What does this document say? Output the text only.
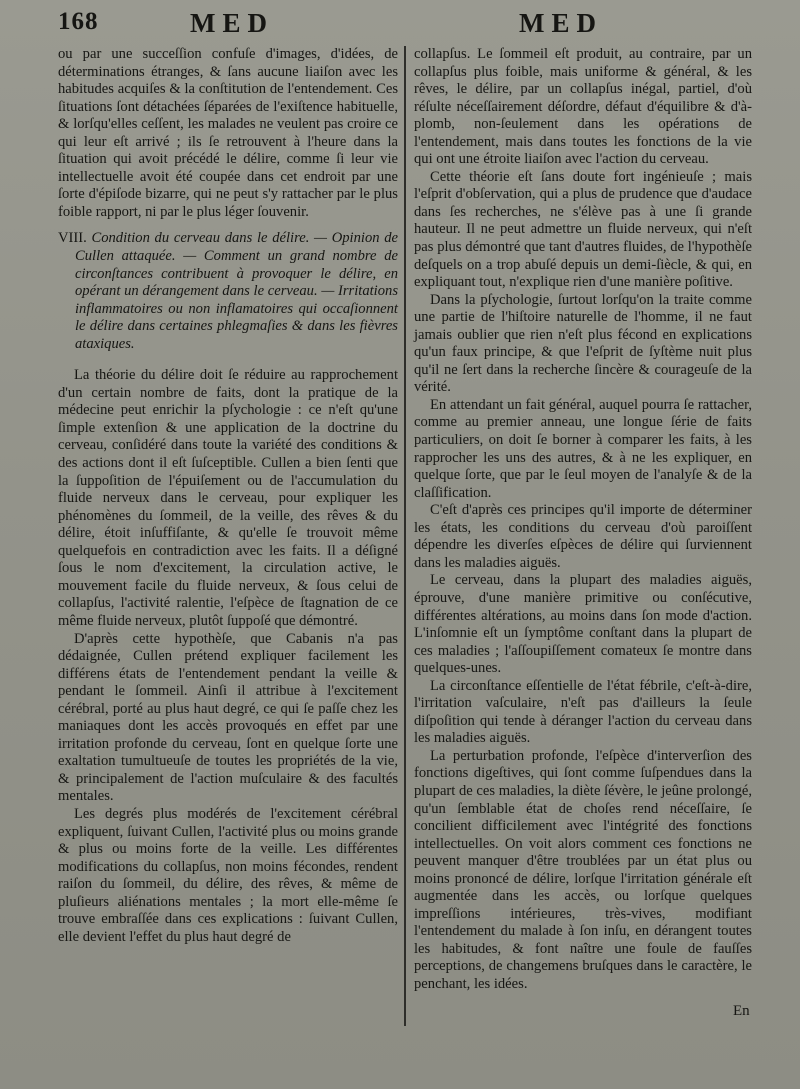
168	MED	MED

ou par une succeſſion confuſe d'images, d'idées, de déterminations étranges, & ſans aucune liaiſon avec les habitudes acquiſes & la conſtitution de l'entendement. Ces ſituations ſont détachées ſéparées de l'exiſtence habituelle, & lorſqu'elles ceſſent, les malades ne veulent pas croire ce qui leur eſt arrivé ; ils ſe retrouvent à l'heure dans la ſituation qui avoit précédé le délire, comme ſi leur vie intellectuelle avoit été coupée dans cet endroit par une ſorte d'épiſode bizarre, qui ne peut s'y rattacher par le plus foible rapport, ni par le plus léger ſouvenir.

VIII. Condition du cerveau dans le délire. — Opinion de Cullen attaquée. — Comment un grand nombre de circonſtances contribuent à provoquer le délire, en opérant un dérangement dans le cerveau. — Irritations inflammatoires ou non inflamatoires qui occaſionnent le délire dans certaines phlegmaſies & dans les fièvres ataxiques.

La théorie du délire doit ſe réduire au rapprochement d'un certain nombre de faits, dont la pratique de la médecine peut enrichir la pſychologie : ce n'eſt qu'une ſimple extenſion & une application de la doctrine du cerveau, conſidéré dans toute la variété des conditions & des actions dont il eſt ſuſceptible. Cullen a bien ſenti que la ſuppoſition de l'épuiſement ou de l'accumulation du fluide nerveux dans le cerveau, pour expliquer les phénomènes du ſommeil, de la veille, des rêves & du délire, étoit inſuffiſante, & qu'elle ſe trouvoit même quelquefois en contradiction avec les faits. Il a déſigné ſous le nom d'excitement, la circulation active, le mouvement facile du fluide nerveux, & ſous celui de collapſus, l'activité ralentie, l'eſpèce de ſtagnation de ce même fluide nerveux, plutôt ſuppoſé que démontré.

D'après cette hypothèſe, que Cabanis n'a pas dédaignée, Cullen prétend expliquer facilement les différens états de l'entendement pendant la veille & pendant le ſommeil. Ainſi il attribue à l'excitement cérébral, porté au plus haut degré, ce qui ſe paſſe chez les maniaques dont les accès provoqués en effet par une irritation profonde du cerveau, ſont en quelque ſorte une exaltation tumultueuſe de toutes les propriétés de la vie, & principalement de l'action muſculaire & des facultés mentales.

Les degrés plus modérés de l'excitement cérébral expliquent, ſuivant Cullen, l'activité plus ou moins grande & plus ou moins forte de la veille. Les différentes modifications du collapſus, non moins fécondes, rendent raiſon du ſommeil, du délire, des rêves, & même de pluſieurs aliénations mentales ; la mort elle-même ſe trouve embraſſée dans ces explications : ſuivant Cullen, elle devient l'effet du plus haut degré de

collapſus. Le ſommeil eſt produit, au contraire, par un collapſus plus foible, mais uniforme & général, & les rêves, le délire, par un collapſus inégal, partiel, d'où réſulte néceſſairement déſordre, défaut d'équilibre & d'à-plomb, non-ſeulement dans les opérations de l'entendement, mais dans toutes les fonctions de la vie qui ont une étroite liaiſon avec l'action du cerveau.

Cette théorie eſt ſans doute fort ingénieuſe ; mais l'eſprit d'obſervation, qui a plus de prudence que d'audace dans ſes recherches, ne s'élève pas à une ſi grande hauteur. Il ne peut admettre un fluide nerveux, qui n'eſt pas plus démontré que tant d'autres fluides, de l'hypothèſe deſquels on a trop abuſé depuis un demi-ſiècle, & qui, en expliquant tout, n'explique rien d'une manière poſitive.

Dans la pſychologie, ſurtout lorſqu'on la traite comme une partie de l'hiſtoire naturelle de l'homme, il ne faut jamais oublier que rien n'eſt plus fécond en explications qu'un faux principe, & que l'eſprit de ſyſtème nuit plus qu'il ne ſert dans la recherche ſincère & courageuſe de la vérité.

En attendant un fait général, auquel pourra ſe rattacher, comme au premier anneau, une longue ſérie de faits particuliers, on doit ſe borner à comparer les faits, à les rapprocher les uns des autres, & à ne les expliquer, en quelque ſorte, que par le ſeul moyen de l'analyſe & de la claſſification.

C'eſt d'après ces principes qu'il importe de déterminer les états, les conditions du cerveau d'où paroiſſent dépendre les diverſes eſpèces de délire qui ſurviennent dans les maladies aiguës.

Le cerveau, dans la plupart des maladies aiguës, éprouve, d'une manière primitive ou conſécutive, différentes altérations, au moins dans ſon mode d'action. L'inſomnie eſt un ſymptôme conſtant dans la plupart de ces maladies ; l'aſſoupiſſement comateux ſe montre dans quelques-unes.

La circonſtance eſſentielle de l'état fébrile, c'eſt-à-dire, l'irritation vaſculaire, n'eſt pas d'ailleurs la ſeule diſpoſition qui tende à déranger l'action du cerveau dans les maladies aiguës.

La perturbation profonde, l'eſpèce d'interverſion des fonctions digeſtives, qui ſont comme ſuſpendues dans la plupart de ces maladies, la diète ſévère, le jeûne prolongé, qu'un ſemblable état de choſes rend néceſſaire, ſe concilient difficilement avec l'intégrité des fonctions intellectuelles. On voit alors comment ces fonctions ne peuvent manquer d'être troublées par un état plus ou moins prononcé de délire, lorſque l'irritation générale eſt augmentée dans les accès, ou lorſque quelques impreſſions intérieures, très-vives, modifiant l'entendement du malade à ſon inſu, en dérangent toutes les habitudes, & font naître une foule de fauſſes perceptions, de changemens bruſques dans le caractère, le penchant, les idées.

En
